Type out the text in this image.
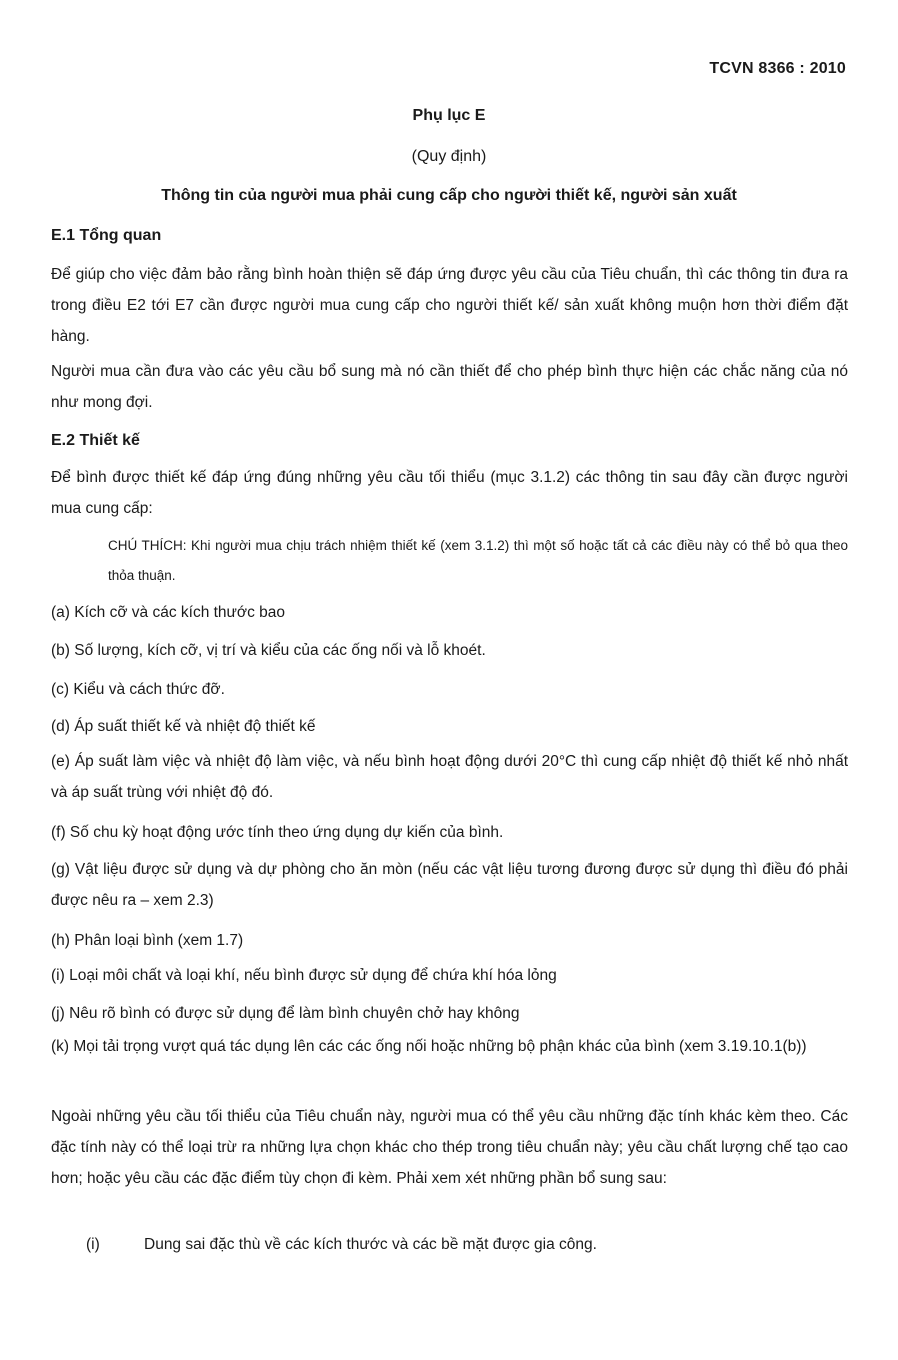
TCVN 8366 : 2010
Phụ lục E
(Quy định)
Thông tin của người mua phải cung cấp cho người thiết kế, người sản xuất
E.1 Tổng quan
Để giúp cho việc đảm bảo rằng bình hoàn thiện sẽ đáp ứng được yêu cầu của Tiêu chuẩn, thì các thông tin đưa ra trong điều E2 tới E7 cần được người mua cung cấp cho người thiết kế/ sản xuất không muộn hơn thời điểm đặt hàng.
Người mua cần đưa vào các yêu cầu bổ sung mà nó cần thiết để cho phép bình thực hiện các chắc năng của nó như mong đợi.
E.2 Thiết kế
Để bình được thiết kế đáp ứng đúng những yêu cầu tối thiểu (mục 3.1.2) các thông tin sau đây cần được người mua cung cấp:
CHÚ THÍCH: Khi người mua chịu trách nhiệm thiết kế (xem 3.1.2) thì một số hoặc tất cả các điều này có thể bỏ qua theo thỏa thuận.
(a) Kích cỡ và các kích thước bao
(b) Số lượng, kích cỡ, vị trí và kiểu của các ống nối và lỗ khoét.
(c) Kiểu và cách thức đỡ.
(d) Áp suất thiết kế và nhiệt độ thiết kế
(e) Áp suất làm việc và nhiệt độ làm việc, và nếu bình hoạt động dưới 20°C thì cung cấp nhiệt độ thiết kế nhỏ nhất và áp suất trùng với nhiệt độ đó.
(f) Số chu kỳ hoạt động ước tính theo ứng dụng dự kiến của bình.
(g) Vật liệu được sử dụng và dự phòng cho ăn mòn (nếu các vật liệu tương đương được sử dụng thì điều đó phải được nêu ra – xem 2.3)
(h) Phân loại bình (xem 1.7)
(i) Loại môi chất và loại khí, nếu bình được sử dụng để chứa khí hóa lỏng
(j) Nêu rõ bình có được sử dụng để làm bình chuyên chở hay không
(k) Mọi tải trọng vượt quá tác dụng lên các các ống nối hoặc những bộ phận khác của bình (xem 3.19.10.1(b))
Ngoài những yêu cầu tối thiểu của Tiêu chuẩn này, người mua có thể yêu cầu những đặc tính khác kèm theo. Các đặc tính này có thể loại trừ ra những lựa chọn khác cho thép trong tiêu chuẩn này; yêu cầu chất lượng chế tạo cao hơn; hoặc yêu cầu các đặc điểm tùy chọn đi kèm. Phải xem xét những phần bổ sung sau:
(i)	Dung sai đặc thù về các kích thước và các bề mặt được gia công.
